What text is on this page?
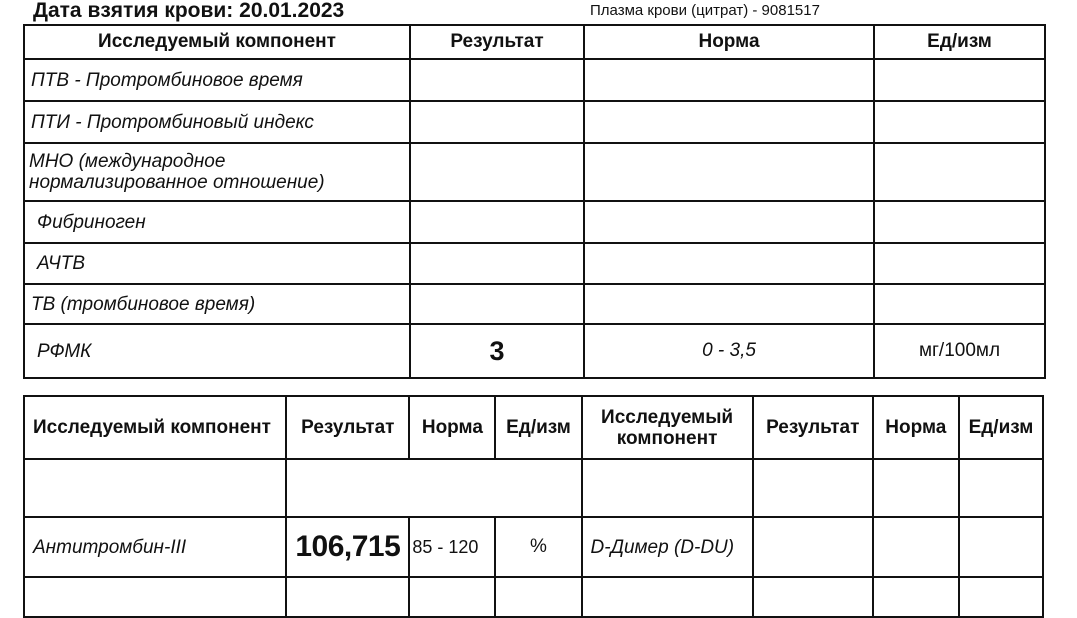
Дата взятия крови: 20.01.2023	Плазма крови (цитрат) - 9081517
Исследуемый компонент	Результат	Норма	Ед/изм
ПТВ - Протромбиновое время			
ПТИ - Протромбиновый индекс			
МНО (международное нормализированное отношение)			
Фибриноген			
АЧТВ			
ТВ (тромбиновое время)			
РФМК	3	0 - 3,5	мг/100мл
Исследуемый компонент	Результат	Норма	Ед/изм	Исследуемый компонент	Результат	Норма	Ед/изм

Антитромбин-III	106,715	85 - 120	%	D-Димер (D-DU)			
